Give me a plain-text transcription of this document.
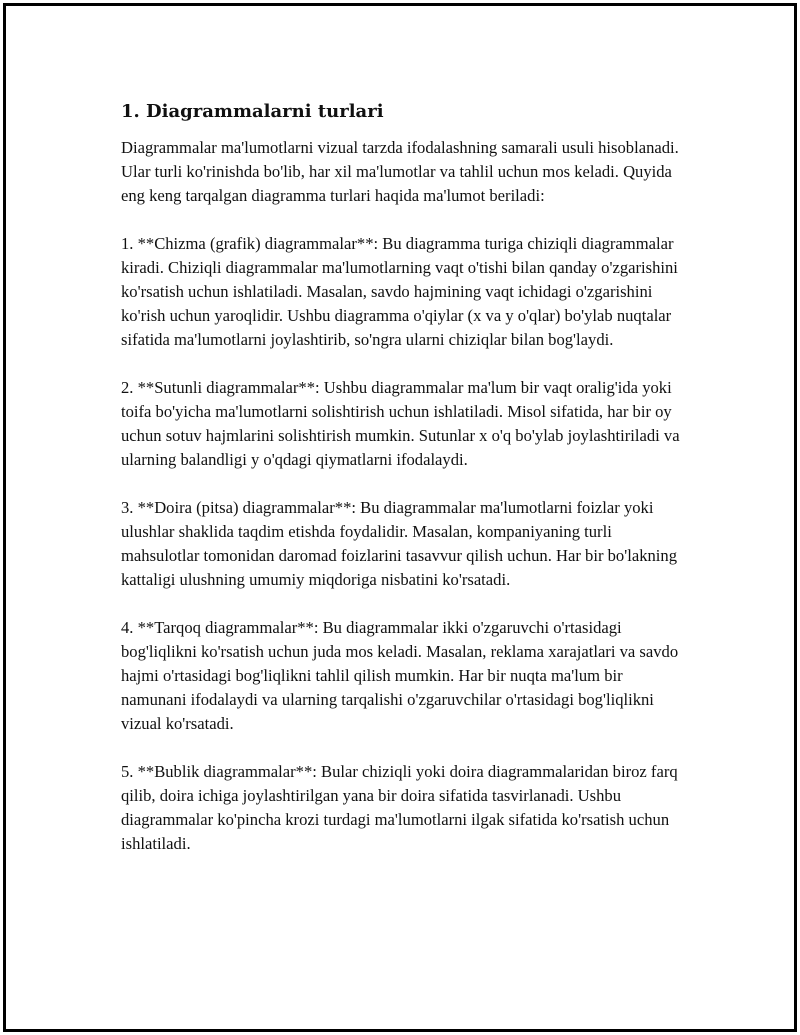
1. Diagrammalarni turlari

Diagrammalar ma'lumotlarni vizual tarzda ifodalashning samarali usuli hisoblanadi. Ular turli ko'rinishda bo'lib, har xil ma'lumotlar va tahlil uchun mos keladi. Quyida eng keng tarqalgan diagramma turlari haqida ma'lumot beriladi:

1. **Chizma (grafik) diagrammalar**: Bu diagramma turiga chiziqli diagrammalar kiradi. Chiziqli diagrammalar ma'lumotlarning vaqt o'tishi bilan qanday o'zgarishini ko'rsatish uchun ishlatiladi. Masalan, savdo hajmining vaqt ichidagi o'zgarishini ko'rish uchun yaroqlidir. Ushbu diagramma o'qiylar (x va y o'qlar) bo'ylab nuqtalar sifatida ma'lumotlarni joylashtirib, so'ngra ularni chiziqlar bilan bog'laydi.

2. **Sutunli diagrammalar**: Ushbu diagrammalar ma'lum bir vaqt oralig'ida yoki toifa bo'yicha ma'lumotlarni solishtirish uchun ishlatiladi. Misol sifatida, har bir oy uchun sotuv hajmlarini solishtirish mumkin. Sutunlar x o'q bo'ylab joylashtiriladi va ularning balandligi y o'qdagi qiymatlarni ifodalaydi.

3. **Doira (pitsa) diagrammalar**: Bu diagrammalar ma'lumotlarni foizlar yoki ulushlar shaklida taqdim etishda foydalidir. Masalan, kompaniyaning turli mahsulotlar tomonidan daromad foizlarini tasavvur qilish uchun. Har bir bo'lakning kattaligi ulushning umumiy miqdoriga nisbatini ko'rsatadi.

4. **Tarqoq diagrammalar**: Bu diagrammalar ikki o'zgaruvchi o'rtasidagi bog'liqlikni ko'rsatish uchun juda mos keladi. Masalan, reklama xarajatlari va savdo hajmi o'rtasidagi bog'liqlikni tahlil qilish mumkin. Har bir nuqta ma'lum bir namunani ifodalaydi va ularning tarqalishi o'zgaruvchilar o'rtasidagi bog'liqlikni vizual ko'rsatadi.

5. **Bublik diagrammalar**: Bular chiziqli yoki doira diagrammalaridan biroz farq qilib, doira ichiga joylashtirilgan yana bir doira sifatida tasvirlanadi. Ushbu diagrammalar ko'pincha krozi turdagi ma'lumotlarni ilgak sifatida ko'rsatish uchun ishlatiladi.
